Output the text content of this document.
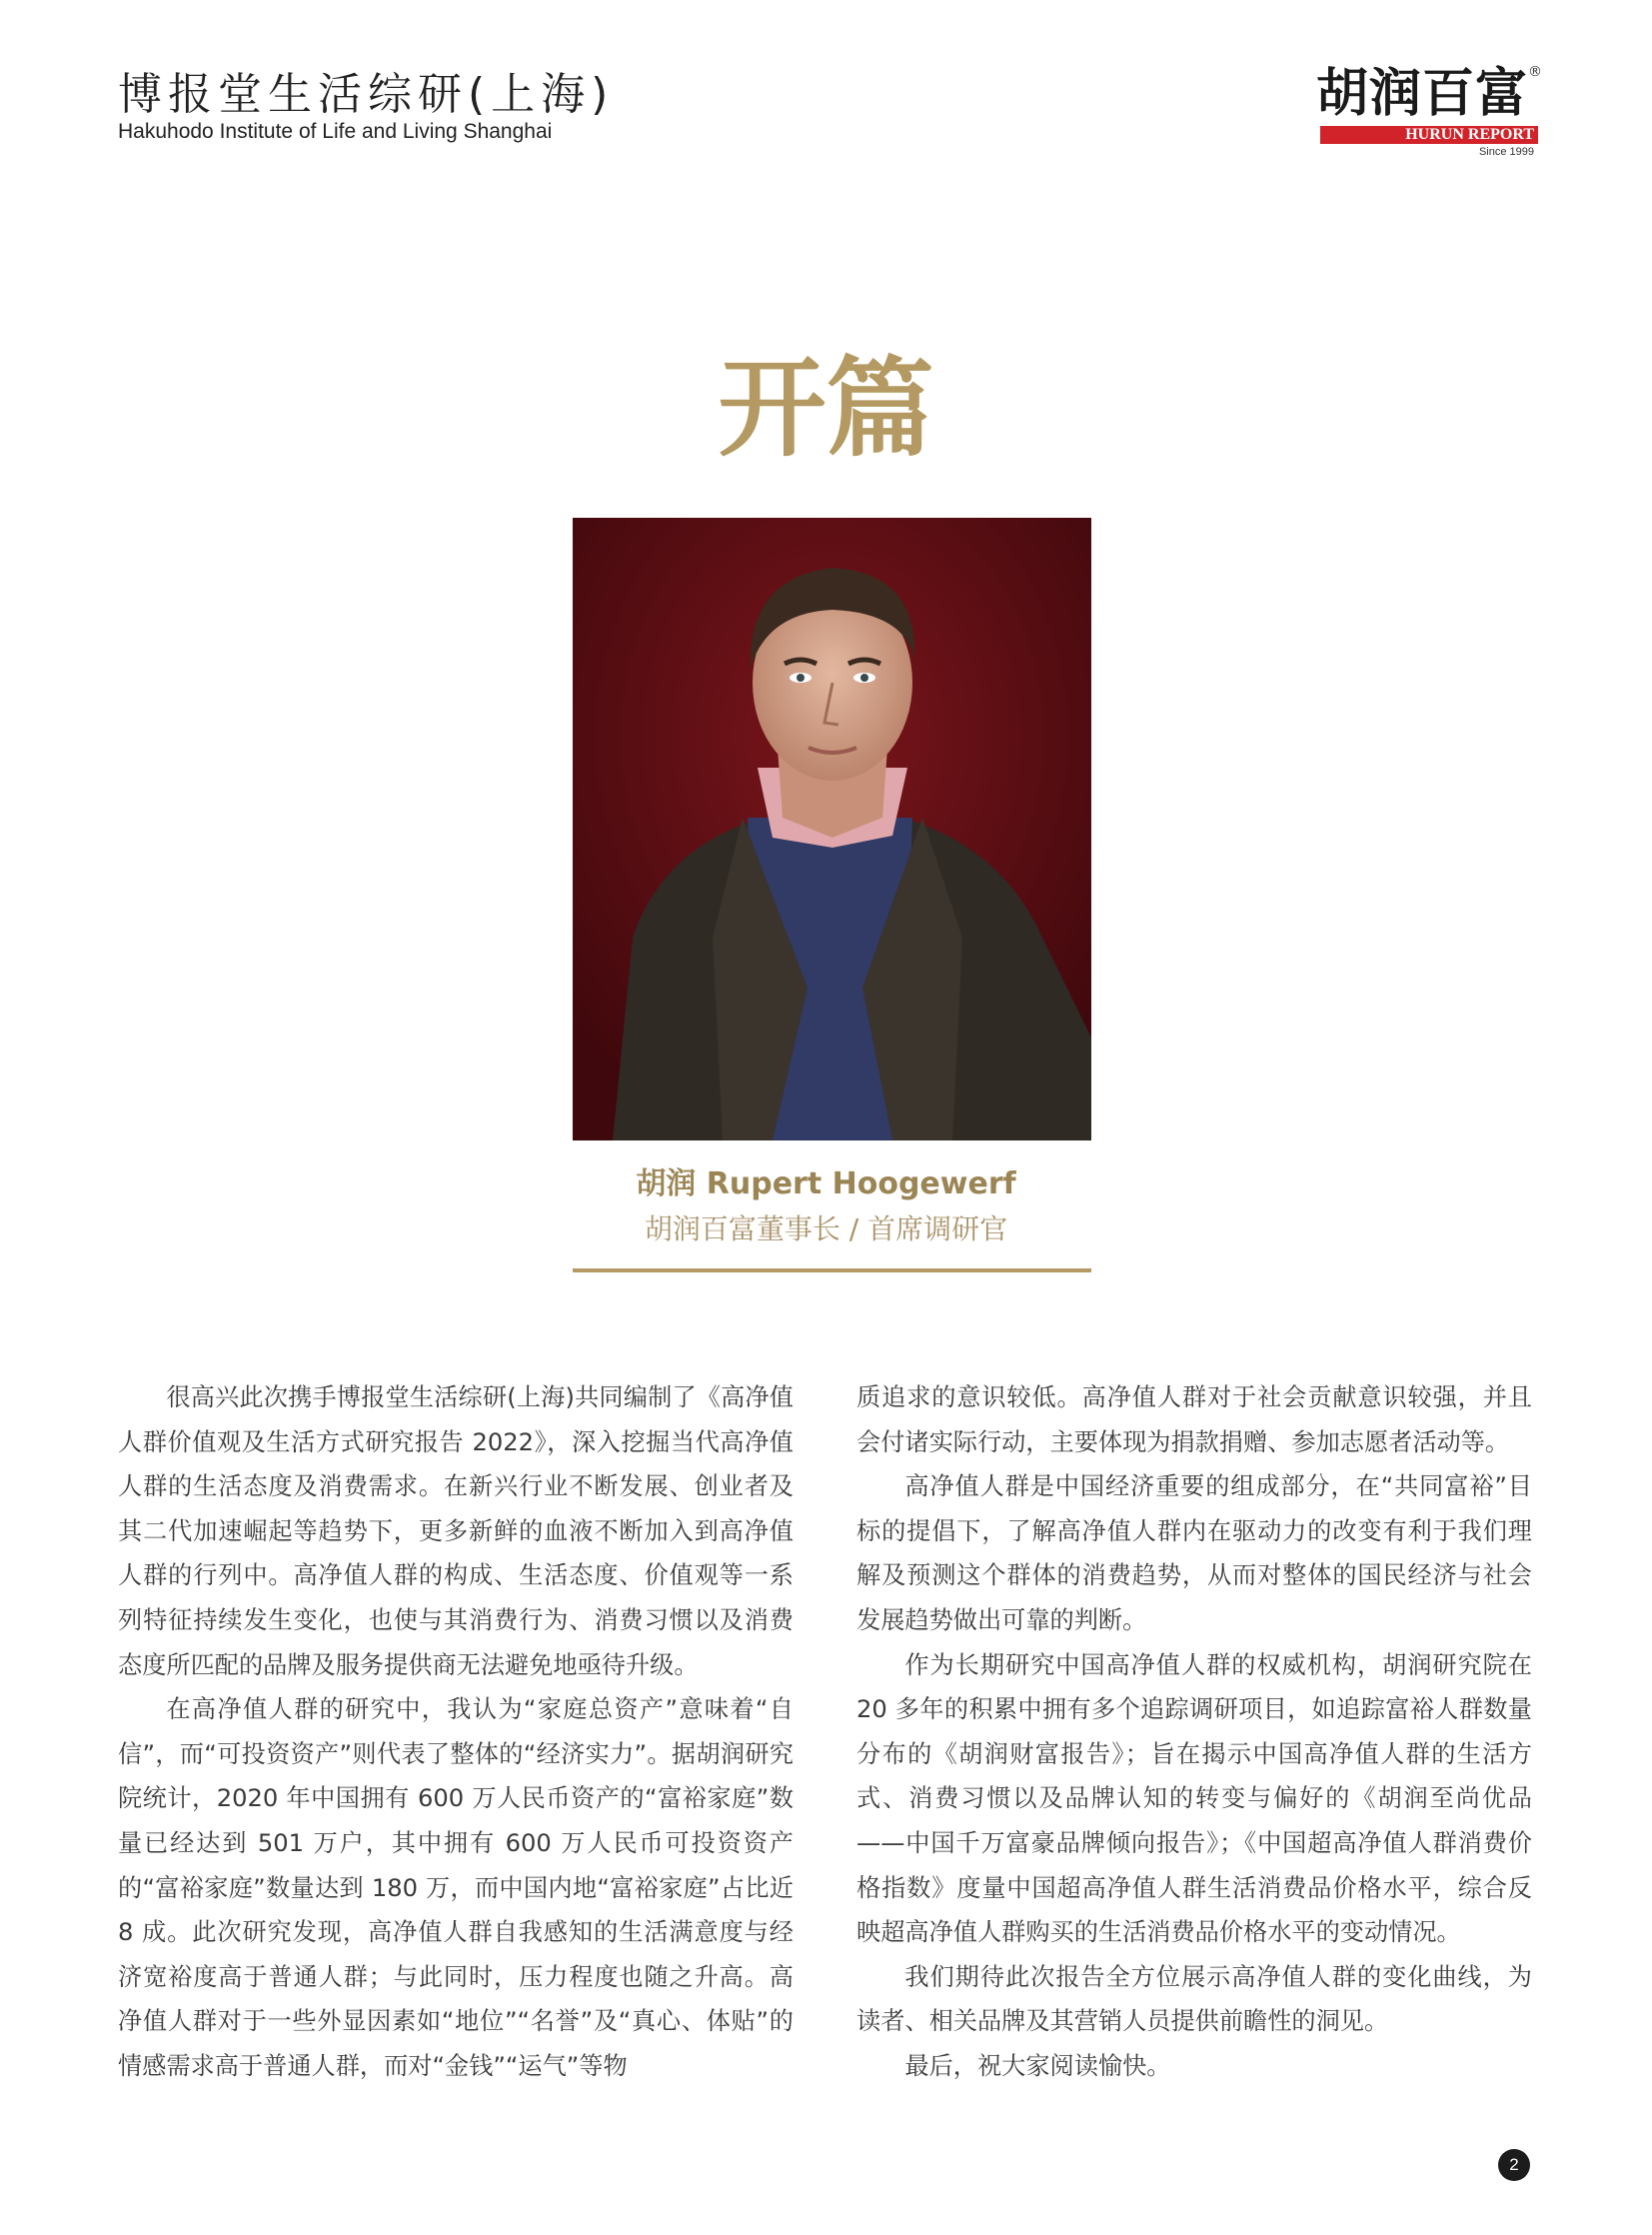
博报堂生活综研(上海)
Hakuhodo Institute of Life and Living Shanghai
胡润百富 ®
HURUN REPORT
Since 1999
开篇
胡润 Rupert Hoogewerf
胡润百富董事长 / 首席调研官

很高兴此次携手博报堂生活综研(上海)共同编制了《高净值人群价值观及生活方式研究报告 2022》，深入挖掘当代高净值人群的生活态度及消费需求。在新兴行业不断发展、创业者及其二代加速崛起等趋势下，更多新鲜的血液不断加入到高净值人群的行列中。高净值人群的构成、生活态度、价值观等一系列特征持续发生变化，也使与其消费行为、消费习惯以及消费态度所匹配的品牌及服务提供商无法避免地亟待升级。

在高净值人群的研究中，我认为“家庭总资产”意味着“自信”，而“可投资资产”则代表了整体的“经济实力”。据胡润研究院统计，2020 年中国拥有 600 万人民币资产的“富裕家庭”数量已经达到 501 万户，其中拥有 600 万人民币可投资资产的“富裕家庭”数量达到 180 万，而中国内地“富裕家庭”占比近 8 成。此次研究发现，高净值人群自我感知的生活满意度与经济宽裕度高于普通人群；与此同时，压力程度也随之升高。高净值人群对于一些外显因素如“地位”“名誉”及“真心、体贴”的情感需求高于普通人群，而对“金钱”“运气”等物

质追求的意识较低。高净值人群对于社会贡献意识较强，并且会付诸实际行动，主要体现为捐款捐赠、参加志愿者活动等。

高净值人群是中国经济重要的组成部分，在“共同富裕”目标的提倡下，了解高净值人群内在驱动力的改变有利于我们理解及预测这个群体的消费趋势，从而对整体的国民经济与社会发展趋势做出可靠的判断。

作为长期研究中国高净值人群的权威机构，胡润研究院在 20 多年的积累中拥有多个追踪调研项目，如追踪富裕人群数量分布的《胡润财富报告》；旨在揭示中国高净值人群的生活方式、消费习惯以及品牌认知的转变与偏好的《胡润至尚优品——中国千万富豪品牌倾向报告》；《中国超高净值人群消费价格指数》度量中国超高净值人群生活消费品价格水平，综合反映超高净值人群购买的生活消费品价格水平的变动情况。

我们期待此次报告全方位展示高净值人群的变化曲线，为读者、相关品牌及其营销人员提供前瞻性的洞见。

最后，祝大家阅读愉快。

2
